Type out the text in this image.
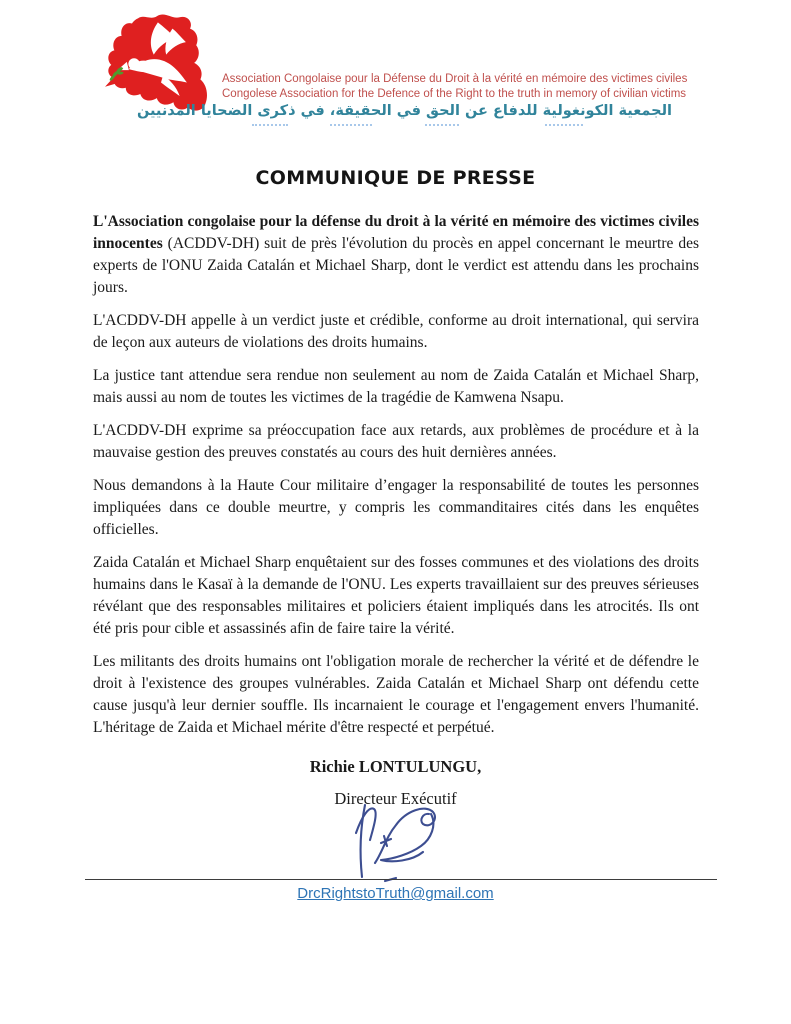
Association Congolaise pour la Défense du Droit à la vérité en mémoire des victimes civiles
Congolese Association for the Defence of the Right to the truth in memory of civilian victims
الجمعية الكونغولية للدفاع عن الحق في الحقيقة، في ذكرى الضحايا المدنيين
COMMUNIQUE DE PRESSE

L'Association congolaise pour la défense du droit à la vérité en mémoire des victimes civiles innocentes (ACDDV-DH) suit de près l'évolution du procès en appel concernant le meurtre des experts de l'ONU Zaida Catalán et Michael Sharp, dont le verdict est attendu dans les prochains jours.

L'ACDDV-DH appelle à un verdict juste et crédible, conforme au droit international, qui servira de leçon aux auteurs de violations des droits humains.

La justice tant attendue sera rendue non seulement au nom de Zaida Catalán et Michael Sharp, mais aussi au nom de toutes les victimes de la tragédie de Kamwena Nsapu.

L'ACDDV-DH exprime sa préoccupation face aux retards, aux problèmes de procédure et à la mauvaise gestion des preuves constatés au cours des huit dernières années.

Nous demandons à la Haute Cour militaire d’engager la responsabilité de toutes les personnes impliquées dans ce double meurtre, y compris les commanditaires cités dans les enquêtes officielles.

Zaida Catalán et Michael Sharp enquêtaient sur des fosses communes et des violations des droits humains dans le Kasaï à la demande de l'ONU. Les experts travaillaient sur des preuves sérieuses révélant que des responsables militaires et policiers étaient impliqués dans les atrocités. Ils ont été pris pour cible et assassinés afin de faire taire la vérité.

Les militants des droits humains ont l'obligation morale de rechercher la vérité et de défendre le droit à l'existence des groupes vulnérables. Zaida Catalán et Michael Sharp ont défendu cette cause jusqu'à leur dernier souffle. Ils incarnaient le courage et l'engagement envers l'humanité. L'héritage de Zaida et Michael mérite d'être respecté et perpétué.

Richie LONTULUNGU,
Directeur Exécutif
DrcRightstoTruth@gmail.com
